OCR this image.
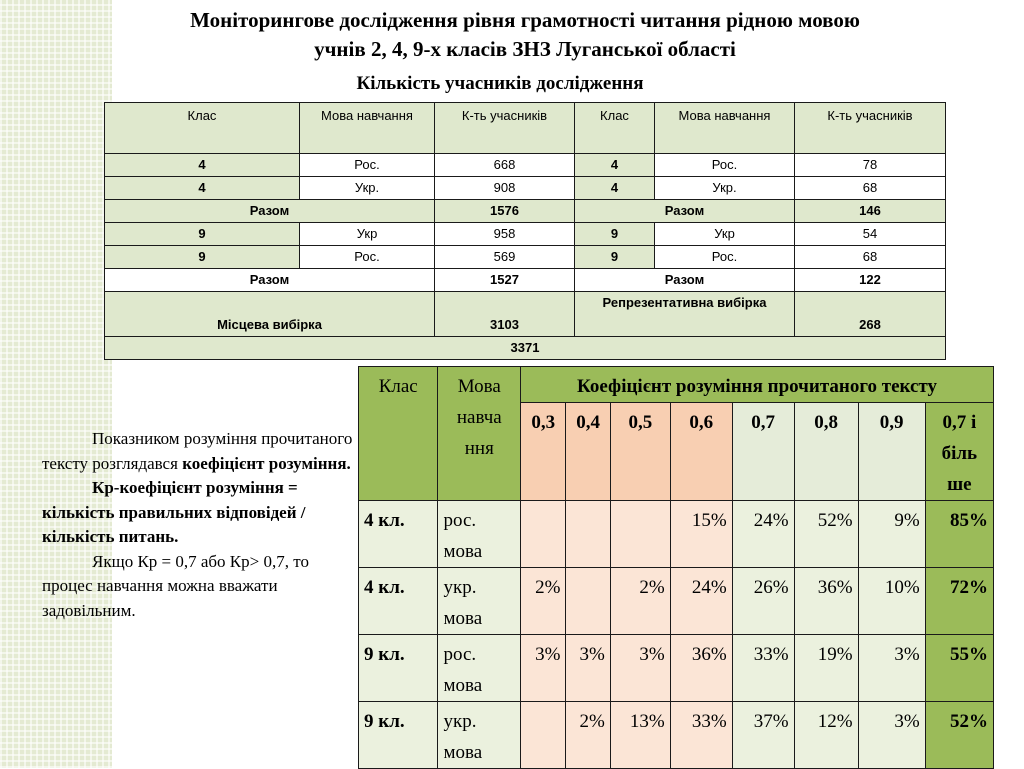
Моніторингове дослідження рівня грамотності читання рідною мовою
учнів 2, 4, 9-х класів ЗНЗ Луганської області
Кількість учасників дослідження
Клас	Мова навчання	К-ть учасників	Клас	Мова навчання	К-ть учасників
4	Рос.	668	4	Рос.	78
4	Укр.	908	4	Укр.	68
Разом		1576	Разом		146
9	Укр	958	9	Укр	54
9	Рос.	569	9	Рос.	68
Разом		1527	Разом		122
Місцева вибірка		3103	Репрезентативна вибірка		268
3371					
Клас	Мова навча ння	Коефіцієнт розуміння прочитаного тексту							
		0,3	0,4	0,5	0,6	0,7	0,8	0,9	0,7 і біль ше
4 кл.	рос. мова				15%	24%	52%	9%	85%
4 кл.	укр. мова	2%		2%	24%	26%	36%	10%	72%
9 кл.	рос. мова	3%	3%	3%	36%	33%	19%	3%	55%
9 кл.	укр. мова		2%	13%	33%	37%	12%	3%	52%

Показником розуміння прочитаного тексту розглядався коефіцієнт розуміння.

Кр-коефіцієнт розуміння = кількість правильних відповідей / кількість питань.

Якщо Кр = 0,7 або Кр> 0,7, то процес навчання можна вважати задовільним.
